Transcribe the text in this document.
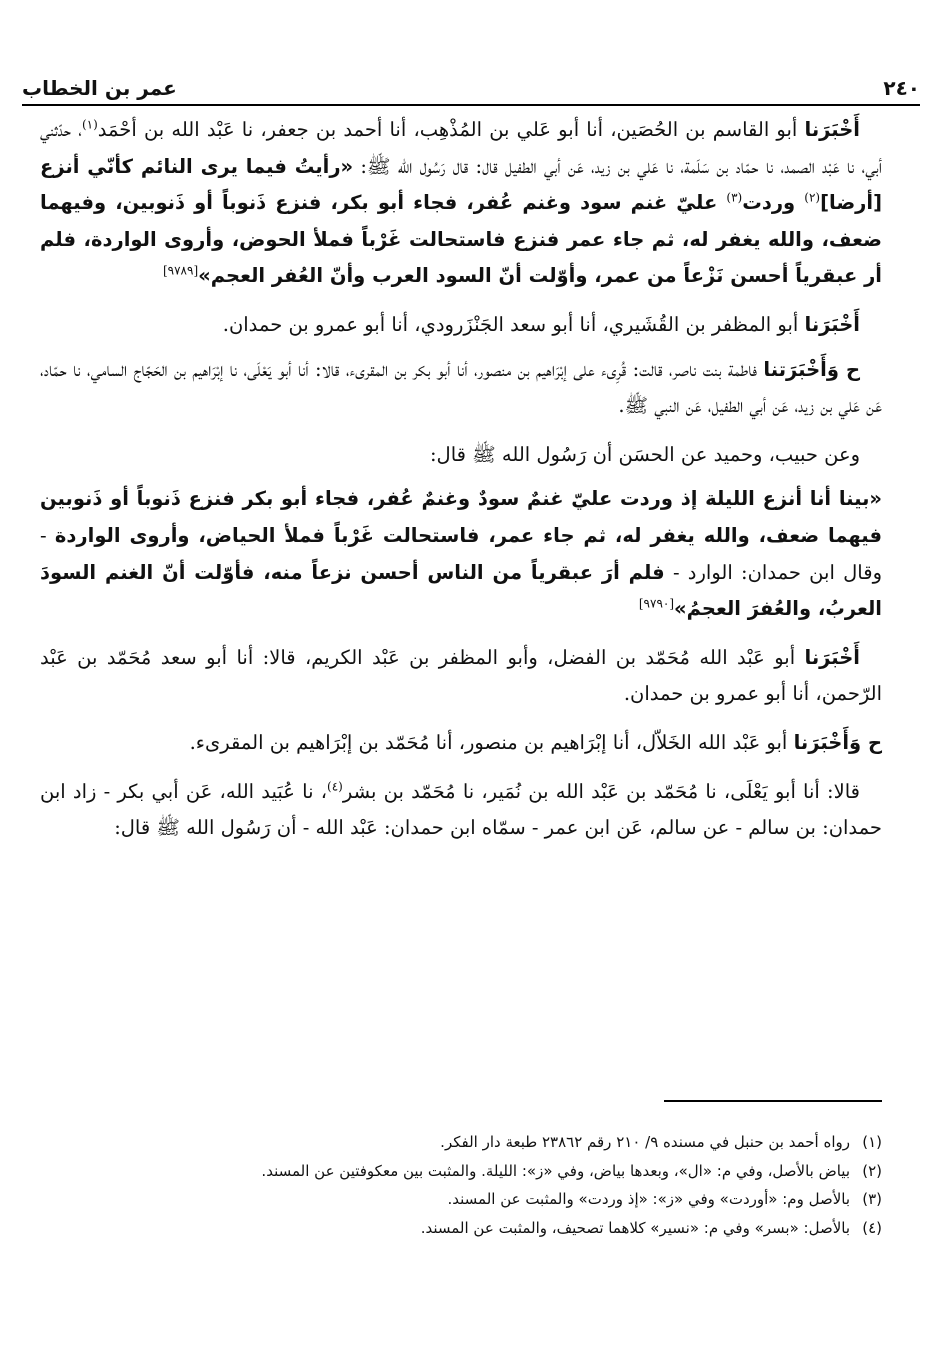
٢٤٠
عمر بن الخطاب

أَخْبَرَنا أبو القاسم بن الحُصَين، أنا أبو عَلي بن المُذْهِب، أنا أحمد بن جعفر، نا عَبْد الله بن أحْمَد$^{(١)}$، حدّثني أبي، نا عَبْد الصمد، نا حمّاد بن سَلَمة، نا عَلي بن زيد، عَن أبي الطفيل قال: قال رَسُول الله ﷺ: «رأيتُ فيما يرى النائم كأنّي أنزع [أرضا]$^{(٢)}$ وردت$^{(٣)}$ عليّ غنم سود وغنم عُفر، فجاء أبو بكر، فنزع ذَنوباً أو ذَنوبين، وفيهما ضعف، والله يغفر له، ثم جاء عمر فنزع فاستحالت غَرْباً فملأ الحوض، وأروى الواردة، فلم أر عبقرياً أحسن نَزْعاً من عمر، وأوّلت أنّ السود العرب وأنّ العُفر العجم»[٩٧٨٩]

أَخْبَرَنا أبو المظفر بن القُشَيري، أنا أبو سعد الجَنْزَرودي، أنا أبو عمرو بن حمدان.

ح وَأَخْبَرَتنا فاطمة بنت ناصر، قالت: قُرِىء على إبْرَاهيم بن منصور، أنا أبو بكر بن المقرىء، قالا: أنا أبو يَعْلَى، نا إبْرَاهيم بن الحَجّاج السامي، نا حمّاد، عَن عَلي بن زيد، عَن أبي الطفيل، عَن النبي ﷺ.

وعن حبيب، وحميد عن الحسَن أن رَسُول الله ﷺ قال:

«بينا أنا أنزع الليلة إذ وردت عليّ غنمٌ سودٌ وغنمٌ عُفر، فجاء أبو بكر فنزع ذَنوباً أو ذَنوبين فيهما ضعف، والله يغفر له، ثم جاء عمر، فاستحالت غَرْباً فملأ الحياض، وأروى الواردة - وقال ابن حمدان: الوارد - فلم أرَ عبقرياً من الناس أحسن نزعاً منه، فأوّلت أنّ الغنم السودَ العربُ، والعُفرَ العجمُ»[٩٧٩٠]

أَخْبَرَنا أبو عَبْد الله مُحَمّد بن الفضل، وأبو المظفر بن عَبْد الكريم، قالا: أنا أبو سعد مُحَمّد بن عَبْد الرّحمن، أنا أبو عمرو بن حمدان.

ح وَأَخْبَرَنا أبو عَبْد الله الخَلاّل، أنا إبْرَاهيم بن منصور، أنا مُحَمّد بن إبْرَاهيم بن المقرىء.

قالا: أنا أبو يَعْلَى، نا مُحَمّد بن عَبْد الله بن نُمَير، نا مُحَمّد بن بشر$^{(٤)}$، نا عُبَيد الله، عَن أبي بكر - زاد ابن حمدان: بن سالم - عن سالم، عَن ابن عمر - سمّاه ابن حمدان: عَبْد الله - أن رَسُول الله ﷺ قال:

(١)
رواه أحمد بن حنبل في مسنده ٩/ ٢١٠ رقم ٢٣٨٦٢ طبعة دار الفكر.
(٢)
بياض بالأصل، وفي م: «ال»، وبعدها بياض، وفي «ز»: الليلة. والمثبت بين معكوفتين عن المسند.
(٣)
بالأصل وم: «أوردت» وفي «ز»: «إذ وردت» والمثبت عن المسند.
(٤)
بالأصل: «بسر» وفي م: «نسير» كلاهما تصحيف، والمثبت عن المسند.
